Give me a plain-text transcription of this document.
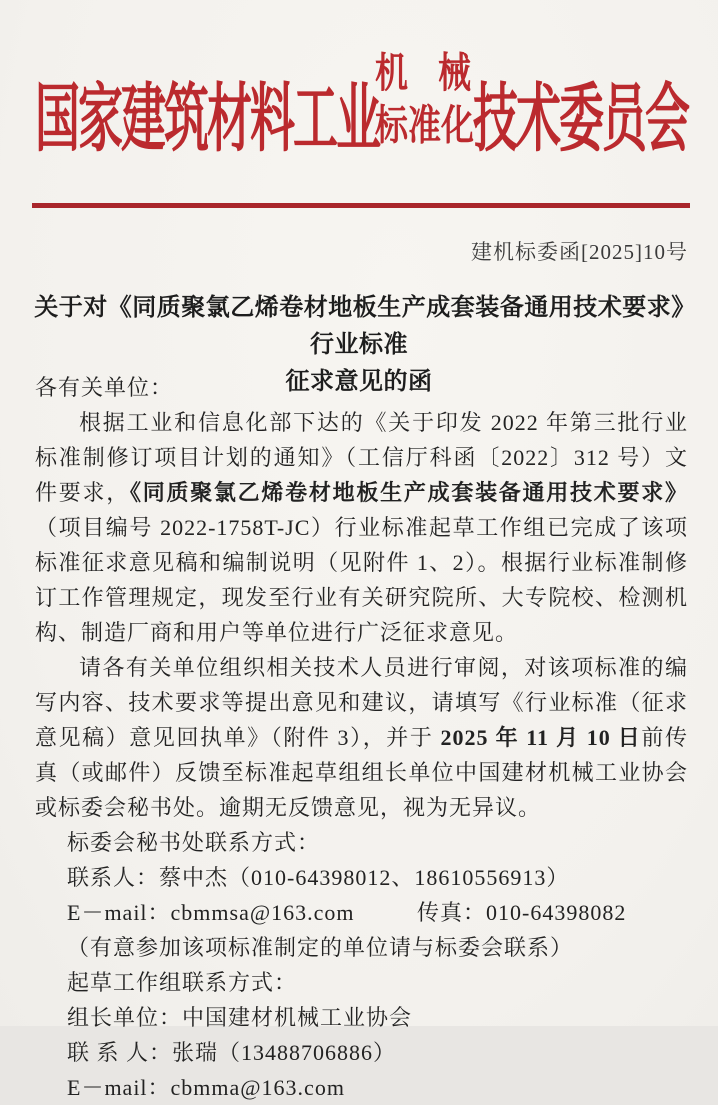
国家建筑材料工业
机械
标准化 技术委员会
建机标委函[2025]10号
关于对《同质聚氯乙烯卷材地板生产成套装备通用技术要求》行业标准
征求意见的函

各有关单位：

根据工业和信息化部下达的《关于印发 2022 年第三批行业标准制修订项目计划的通知》（工信厅科函〔2022〕312 号）文件要求，《同质聚氯乙烯卷材地板生产成套装备通用技术要求》（项目编号 2022-1758T-JC）行业标准起草工作组已完成了该项标准征求意见稿和编制说明（见附件 1、2）。根据行业标准制修订工作管理规定，现发至行业有关研究院所、大专院校、检测机构、制造厂商和用户等单位进行广泛征求意见。

请各有关单位组织相关技术人员进行审阅，对该项标准的编写内容、技术要求等提出意见和建议，请填写《行业标准（征求意见稿）意见回执单》（附件 3），并于 2025 年 11 月 10 日前传真（或邮件）反馈至标准起草组组长单位中国建材机械工业协会或标委会秘书处。逾期无反馈意见，视为无异议。

标委会秘书处联系方式：
联系人：蔡中杰（010-64398012、18610556913）
E－mail：cbmmsa@163.com	传真：010-64398082
（有意参加该项标准制定的单位请与标委会联系）
起草工作组联系方式：
组长单位：中国建材机械工业协会
联 系 人：张瑞（13488706886）
E－mail：cbmma@163.com
